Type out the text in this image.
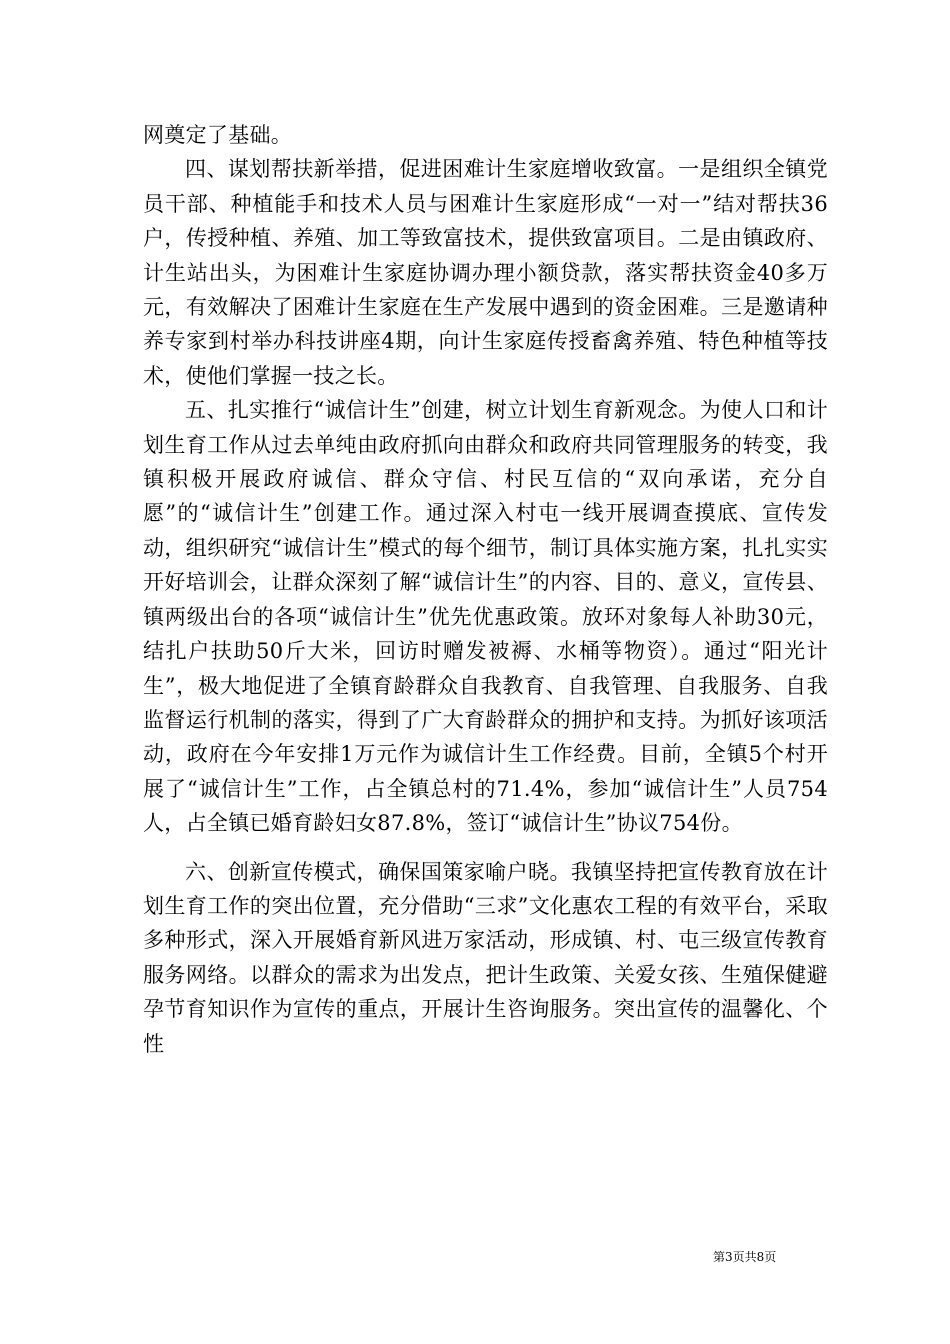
网奠定了基础。

四、谋划帮扶新举措，促进困难计生家庭增收致富。一是组织全镇党员干部、种植能手和技术人员与困难计生家庭形成“一对一”结对帮扶36户，传授种植、养殖、加工等致富技术，提供致富项目。二是由镇政府、计生站出头，为困难计生家庭协调办理小额贷款，落实帮扶资金40多万元，有效解决了困难计生家庭在生产发展中遇到的资金困难。三是邀请种养专家到村举办科技讲座4期，向计生家庭传授畜禽养殖、特色种植等技术，使他们掌握一技之长。

五、扎实推行“诚信计生”创建，树立计划生育新观念。为使人口和计划生育工作从过去单纯由政府抓向由群众和政府共同管理服务的转变，我镇积极开展政府诚信、群众守信、村民互信的“双向承诺，充分自愿”的“诚信计生”创建工作。通过深入村屯一线开展调查摸底、宣传发动，组织研究“诚信计生”模式的每个细节，制订具体实施方案，扎扎实实开好培训会，让群众深刻了解“诚信计生”的内容、目的、意义，宣传县、镇两级出台的各项“诚信计生”优先优惠政策。放环对象每人补助30元，结扎户扶助50斤大米，回访时赠发被褥、水桶等物资）。通过“阳光计生”，极大地促进了全镇育龄群众自我教育、自我管理、自我服务、自我监督运行机制的落实，得到了广大育龄群众的拥护和支持。为抓好该项活动，政府在今年安排1万元作为诚信计生工作经费。目前，全镇5个村开展了“诚信计生”工作，占全镇总村的71.4%，参加“诚信计生”人员754人，占全镇已婚育龄妇女87.8%，签订“诚信计生”协议754份。

六、创新宣传模式，确保国策家喻户晓。我镇坚持把宣传教育放在计划生育工作的突出位置，充分借助“三求”文化惠农工程的有效平台，采取多种形式，深入开展婚育新风进万家活动，形成镇、村、屯三级宣传教育服务网络。以群众的需求为出发点，把计生政策、关爱女孩、生殖保健避孕节育知识作为宣传的重点，开展计生咨询服务。突出宣传的温馨化、个性

第3页共8页
